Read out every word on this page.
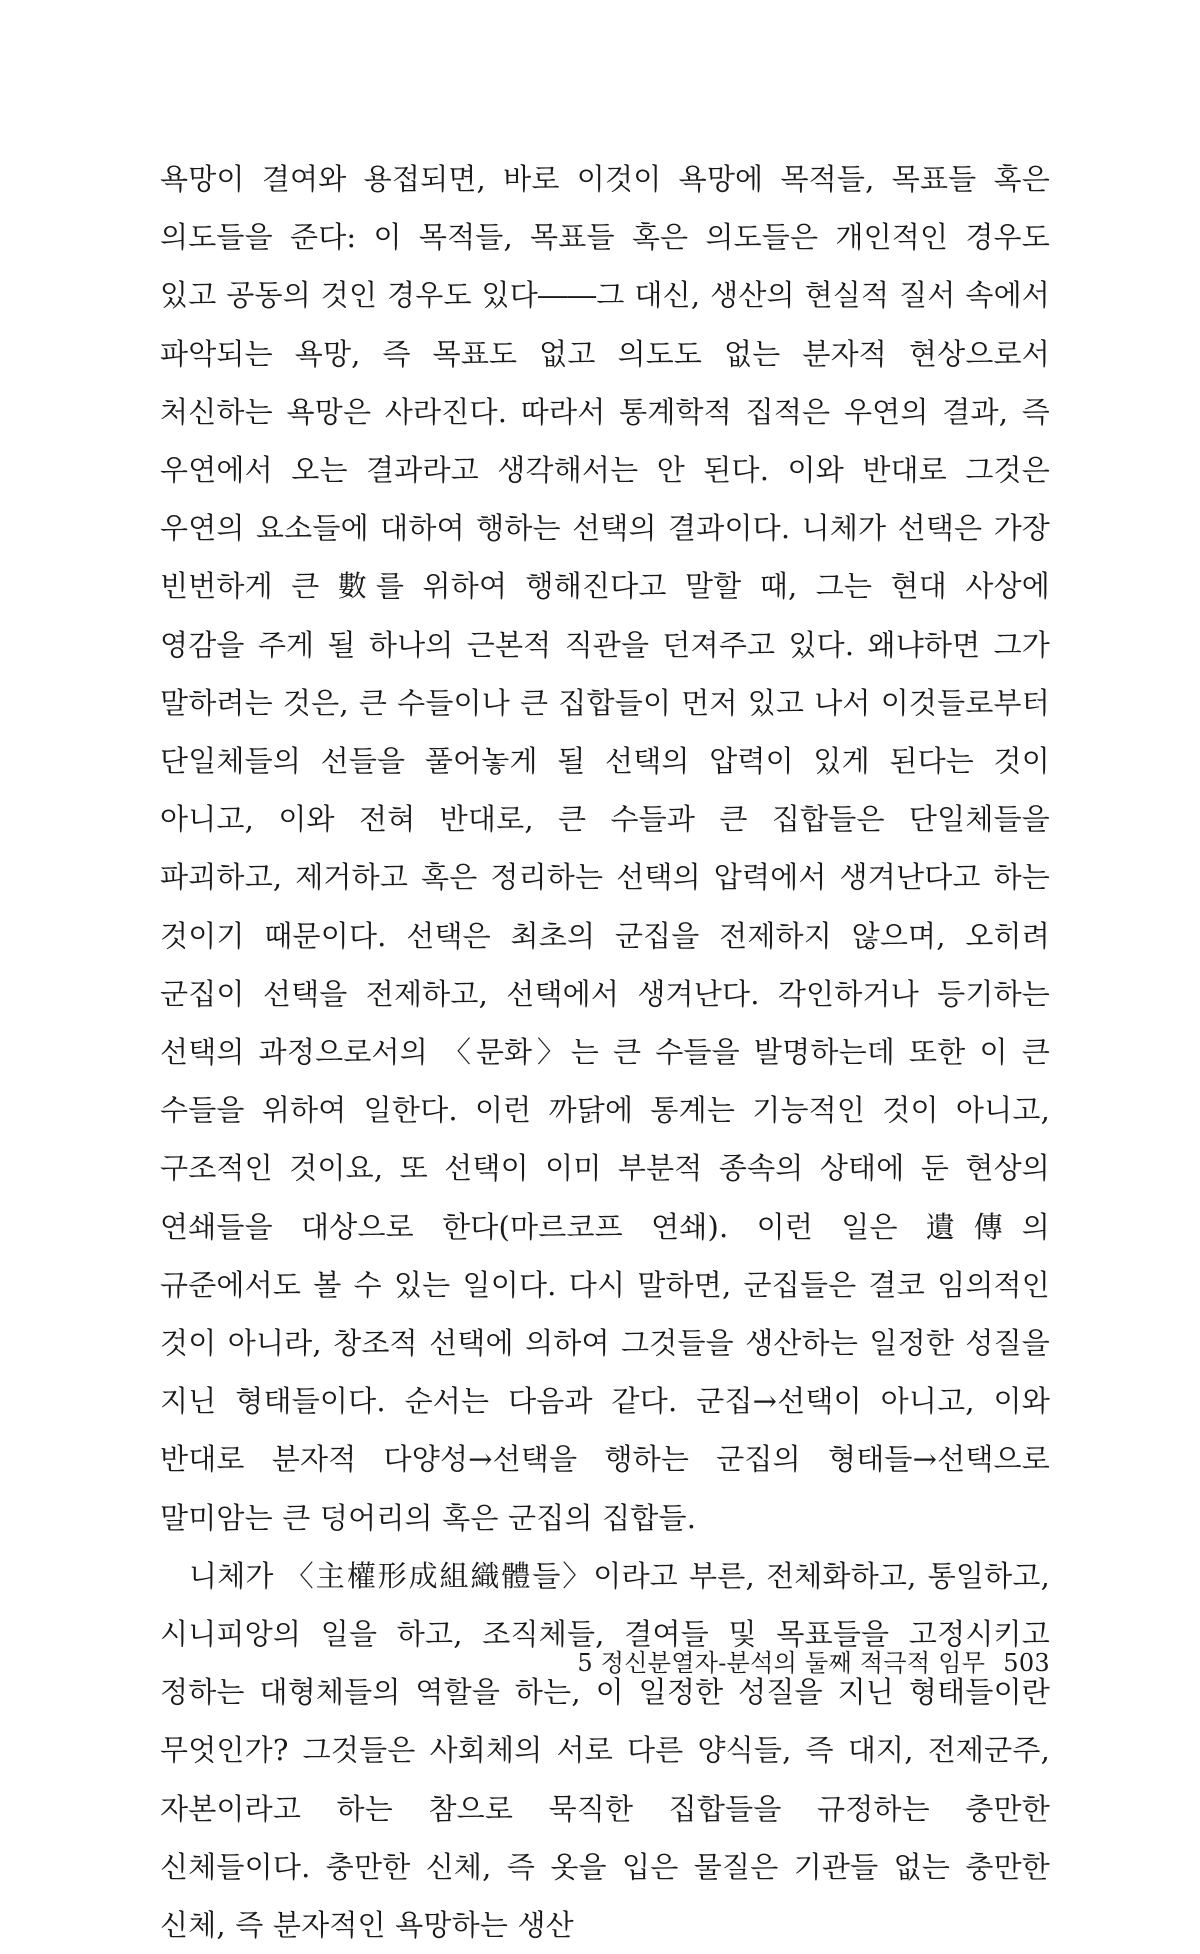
욕망이 결여와 용접되면, 바로 이것이 욕망에 목적들, 목표들 혹은 의도들을 준다: 이 목적들, 목표들 혹은 의도들은 개인적인 경우도 있고 공동의 것인 경우도 있다――그 대신, 생산의 현실적 질서 속에서 파악되는 욕망, 즉 목표도 없고 의도도 없는 분자적 현상으로서 처신하는 욕망은 사라진다. 따라서 통계학적 집적은 우연의 결과, 즉 우연에서 오는 결과라고 생각해서는 안 된다. 이와 반대로 그것은 우연의 요소들에 대하여 행하는 선택의 결과이다. 니체가 선택은 가장 빈번하게 큰 數를 위하여 행해진다고 말할 때, 그는 현대 사상에 영감을 주게 될 하나의 근본적 직관을 던져주고 있다. 왜냐하면 그가 말하려는 것은, 큰 수들이나 큰 집합들이 먼저 있고 나서 이것들로부터 단일체들의 선들을 풀어놓게 될 선택의 압력이 있게 된다는 것이 아니고, 이와 전혀 반대로, 큰 수들과 큰 집합들은 단일체들을 파괴하고, 제거하고 혹은 정리하는 선택의 압력에서 생겨난다고 하는 것이기 때문이다. 선택은 최초의 군집을 전제하지 않으며, 오히려 군집이 선택을 전제하고, 선택에서 생겨난다. 각인하거나 등기하는 선택의 과정으로서의 〈문화〉는 큰 수들을 발명하는데 또한 이 큰 수들을 위하여 일한다. 이런 까닭에 통계는 기능적인 것이 아니고, 구조적인 것이요, 또 선택이 이미 부분적 종속의 상태에 둔 현상의 연쇄들을 대상으로 한다(마르코프 연쇄). 이런 일은 遺傳의 규준에서도 볼 수 있는 일이다. 다시 말하면, 군집들은 결코 임의적인 것이 아니라, 창조적 선택에 의하여 그것들을 생산하는 일정한 성질을 지닌 형태들이다. 순서는 다음과 같다. 군집→선택이 아니고, 이와 반대로 분자적 다양성→선택을 행하는 군집의 형태들→선택으로 말미암는 큰 덩어리의 혹은 군집의 집합들.

니체가 〈主權形成組織體들〉이라고 부른, 전체화하고, 통일하고, 시니피앙의 일을 하고, 조직체들, 결여들 및 목표들을 고정시키고 정하는 대형체들의 역할을 하는, 이 일정한 성질을 지닌 형태들이란 무엇인가? 그것들은 사회체의 서로 다른 양식들, 즉 대지, 전제군주, 자본이라고 하는 참으로 묵직한 집합들을 규정하는 충만한 신체들이다. 충만한 신체, 즉 옷을 입은 물질은 기관들 없는 충만한 신체, 즉 분자적인 욕망하는 생산

5 정신분열자-분석의 둘째 적극적 임무 503
